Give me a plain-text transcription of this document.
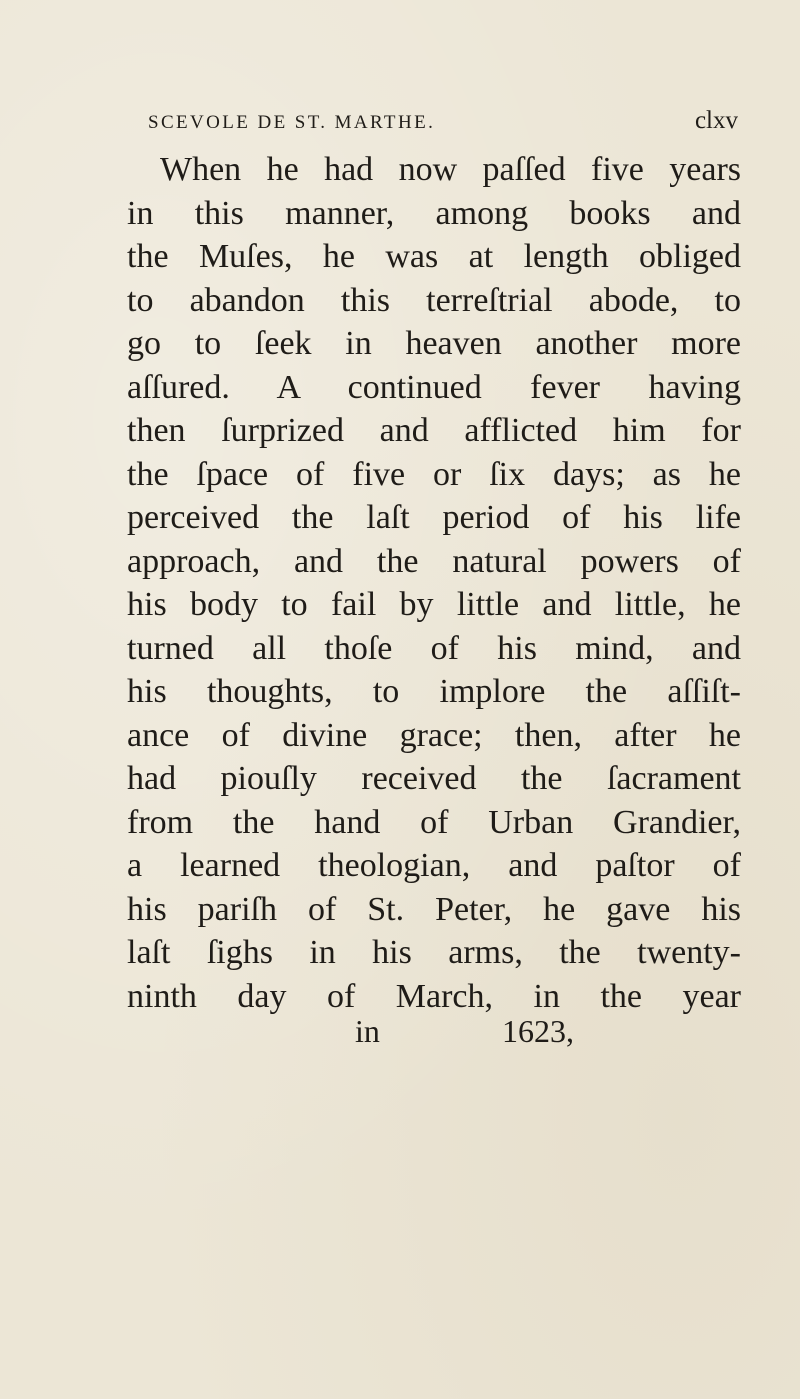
SCEVOLE DE ST. MARTHE.	clxv
When he had now paſſed five years
in this manner, among books and
the Muſes, he was at length obliged
to abandon this terreſtrial abode, to
go to ſeek in heaven another more
aſſured. A continued fever having
then ſurprized and afflicted him for
the ſpace of five or ſix days; as he
perceived the laſt period of his life
approach, and the natural powers of
his body to fail by little and little, he
turned all thoſe of his mind, and
his thoughts, to implore the aſſiſt-
ance of divine grace; then, after he
had piouſly received the ſacrament
from the hand of Urban Grandier,
a learned theologian, and paſtor of
his pariſh of St. Peter, he gave his
laſt ſighs in his arms, the twenty-
ninth day of March, in the year
in	1623,
